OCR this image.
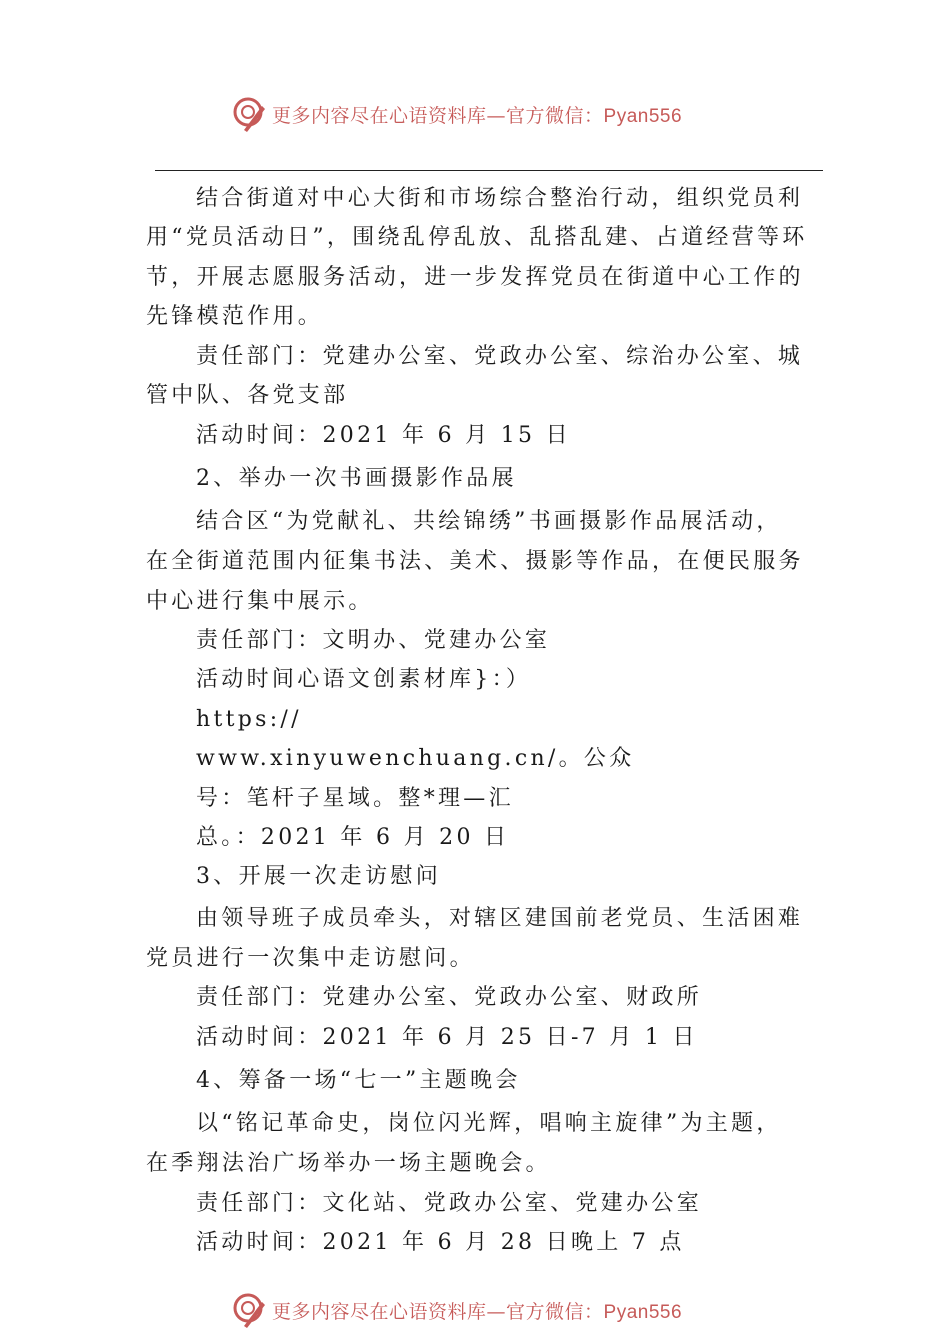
更多内容尽在心语资料库—官方微信：Pyan556
结合街道对中心大街和市场综合整治行动，组织党员利
用“党员活动日”，围绕乱停乱放、乱搭乱建、占道经营等环
节，开展志愿服务活动，进一步发挥党员在街道中心工作的
先锋模范作用。
责任部门：党建办公室、党政办公室、综治办公室、城
管中队、各党支部
活动时间：2021 年 6 月 15 日
2、举办一次书画摄影作品展
结合区“为党献礼、共绘锦绣”书画摄影作品展活动，
在全街道范围内征集书法、美术、摄影等作品，在便民服务
中心进行集中展示。
责任部门：文明办、党建办公室
活动时间心语文创素材库}：）
https://
www.xinyuwenchuang.cn/。公众
号：笔杆子星域。整*理—汇
总。：2021 年 6 月 20 日
3、开展一次走访慰问
由领导班子成员牵头，对辖区建国前老党员、生活困难
党员进行一次集中走访慰问。
责任部门：党建办公室、党政办公室、财政所
活动时间：2021 年 6 月 25 日-7 月 1 日
4、筹备一场“七一”主题晚会
以“铭记革命史，岗位闪光辉，唱响主旋律”为主题，
在季翔法治广场举办一场主题晚会。
责任部门：文化站、党政办公室、党建办公室
活动时间：2021 年 6 月 28 日晚上 7 点
更多内容尽在心语资料库—官方微信：Pyan556
